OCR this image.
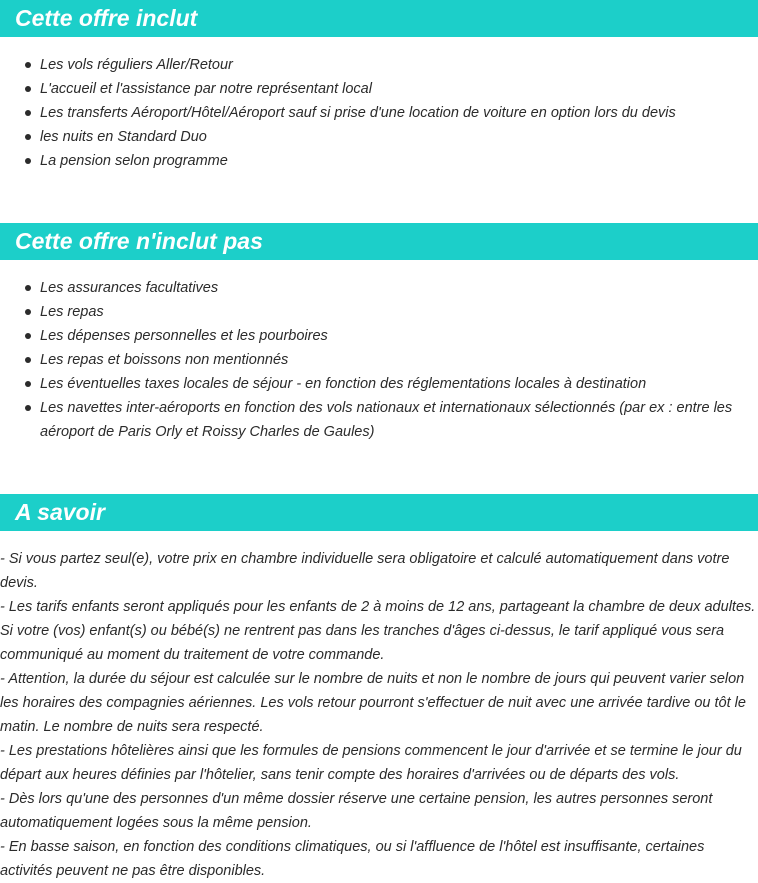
Cette offre inclut
Les vols réguliers Aller/Retour
L'accueil et l'assistance par notre représentant local
Les transferts Aéroport/Hôtel/Aéroport sauf si prise d'une location de voiture en option lors du devis
les nuits en Standard Duo
La pension selon programme
Cette offre n'inclut pas
Les assurances facultatives
Les repas
Les dépenses personnelles et les pourboires
Les repas et boissons non mentionnés
Les éventuelles taxes locales de séjour - en fonction des réglementations locales à destination
Les navettes inter-aéroports en fonction des vols nationaux et internationaux sélectionnés (par ex : entre les aéroport de Paris Orly et Roissy Charles de Gaules)
A savoir

- Si vous partez seul(e), votre prix en chambre individuelle sera obligatoire et calculé automatiquement dans votre devis.

- Les tarifs enfants seront appliqués pour les enfants de 2 à moins de 12 ans, partageant la chambre de deux adultes.

Si votre (vos) enfant(s) ou bébé(s) ne rentrent pas dans les tranches d'âges ci-dessus, le tarif appliqué vous sera communiqué au moment du traitement de votre commande.

- Attention, la durée du séjour est calculée sur le nombre de nuits et non le nombre de jours qui peuvent varier selon les horaires des compagnies aériennes. Les vols retour pourront s'effectuer de nuit avec une arrivée tardive ou tôt le matin. Le nombre de nuits sera respecté.

- Les prestations hôtelières ainsi que les formules de pensions commencent le jour d'arrivée et se termine le jour du départ aux heures définies par l'hôtelier, sans tenir compte des horaires d'arrivées ou de départs des vols.

- Dès lors qu'une des personnes d'un même dossier réserve une certaine pension, les autres personnes seront automatiquement logées sous la même pension.

- En basse saison, en fonction des conditions climatiques, ou si l'affluence de l'hôtel est insuffisante, certaines activités peuvent ne pas être disponibles.
